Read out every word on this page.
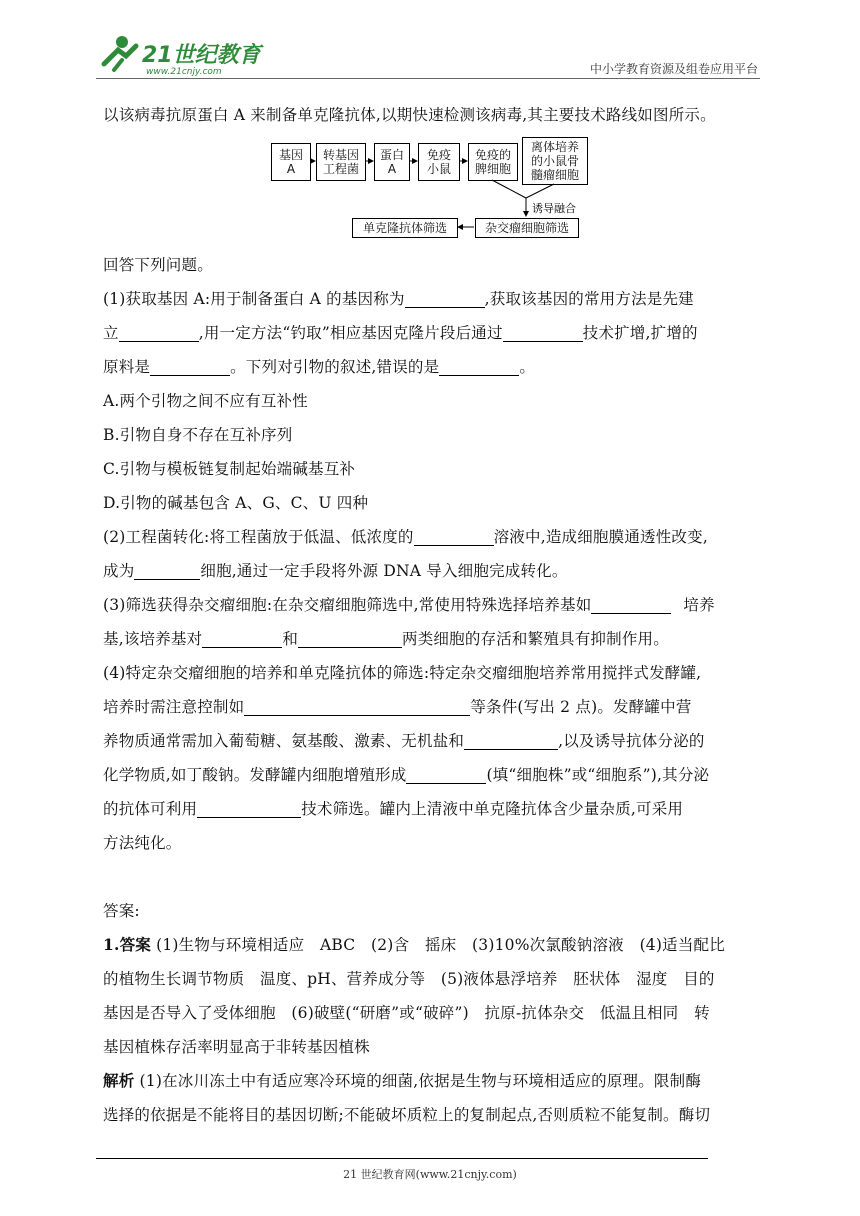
21世纪教育
www.21cnjy.com	中小学教育资源及组卷应用平台
以该病毒抗原蛋白 A 来制备单克隆抗体,以期快速检测该病毒,其主要技术路线如图所示。
基因
A
转基因
工程菌
蛋白
A
免疫
小鼠
免疫的
脾细胞
离体培养
的小鼠骨
髓瘤细胞
杂交瘤细胞筛选
单克隆抗体筛选
诱导融合
回答下列问题。
(1)获取基因 A:用于制备蛋白 A 的基因称为	,获取该基因的常用方法是先建
立	,用一定方法“钓取”相应基因克隆片段后通过	技术扩增,扩增的
原料是	。下列对引物的叙述,错误的是	。
A.两个引物之间不应有互补性
B.引物自身不存在互补序列
C.引物与模板链复制起始端碱基互补
D.引物的碱基包含 A、G、C、U 四种
(2)工程菌转化:将工程菌放于低温、低浓度的	溶液中,造成细胞膜通透性改变,
成为	细胞,通过一定手段将外源 DNA 导入细胞完成转化。
(3)筛选获得杂交瘤细胞:在杂交瘤细胞筛选中,常使用特殊选择培养基如	培养
基,该培养基对	和	两类细胞的存活和繁殖具有抑制作用。
(4)特定杂交瘤细胞的培养和单克隆抗体的筛选:特定杂交瘤细胞培养常用搅拌式发酵罐,
培养时需注意控制如	等条件(写出 2 点)。发酵罐中营
养物质通常需加入葡萄糖、氨基酸、激素、无机盐和	,以及诱导抗体分泌的
化学物质,如丁酸钠。发酵罐内细胞增殖形成	(填“细胞株”或“细胞系”),其分泌
的抗体可利用	技术筛选。罐内上清液中单克隆抗体含少量杂质,可采用
方法纯化。
答案:
1.答案 (1)生物与环境相适应　ABC　(2)含　摇床　(3)10%次氯酸钠溶液　(4)适当配比
的植物生长调节物质　温度、pH、营养成分等　(5)液体悬浮培养　胚状体　湿度　目的
基因是否导入了受体细胞　(6)破壁(“研磨”或“破碎”)　抗原-抗体杂交　低温且相同　转
基因植株存活率明显高于非转基因植株
解析 (1)在冰川冻土中有适应寒冷环境的细菌,依据是生物与环境相适应的原理。限制酶
选择的依据是不能将目的基因切断;不能破坏质粒上的复制起点,否则质粒不能复制。酶切
21 世纪教育网(www.21cnjy.com)
